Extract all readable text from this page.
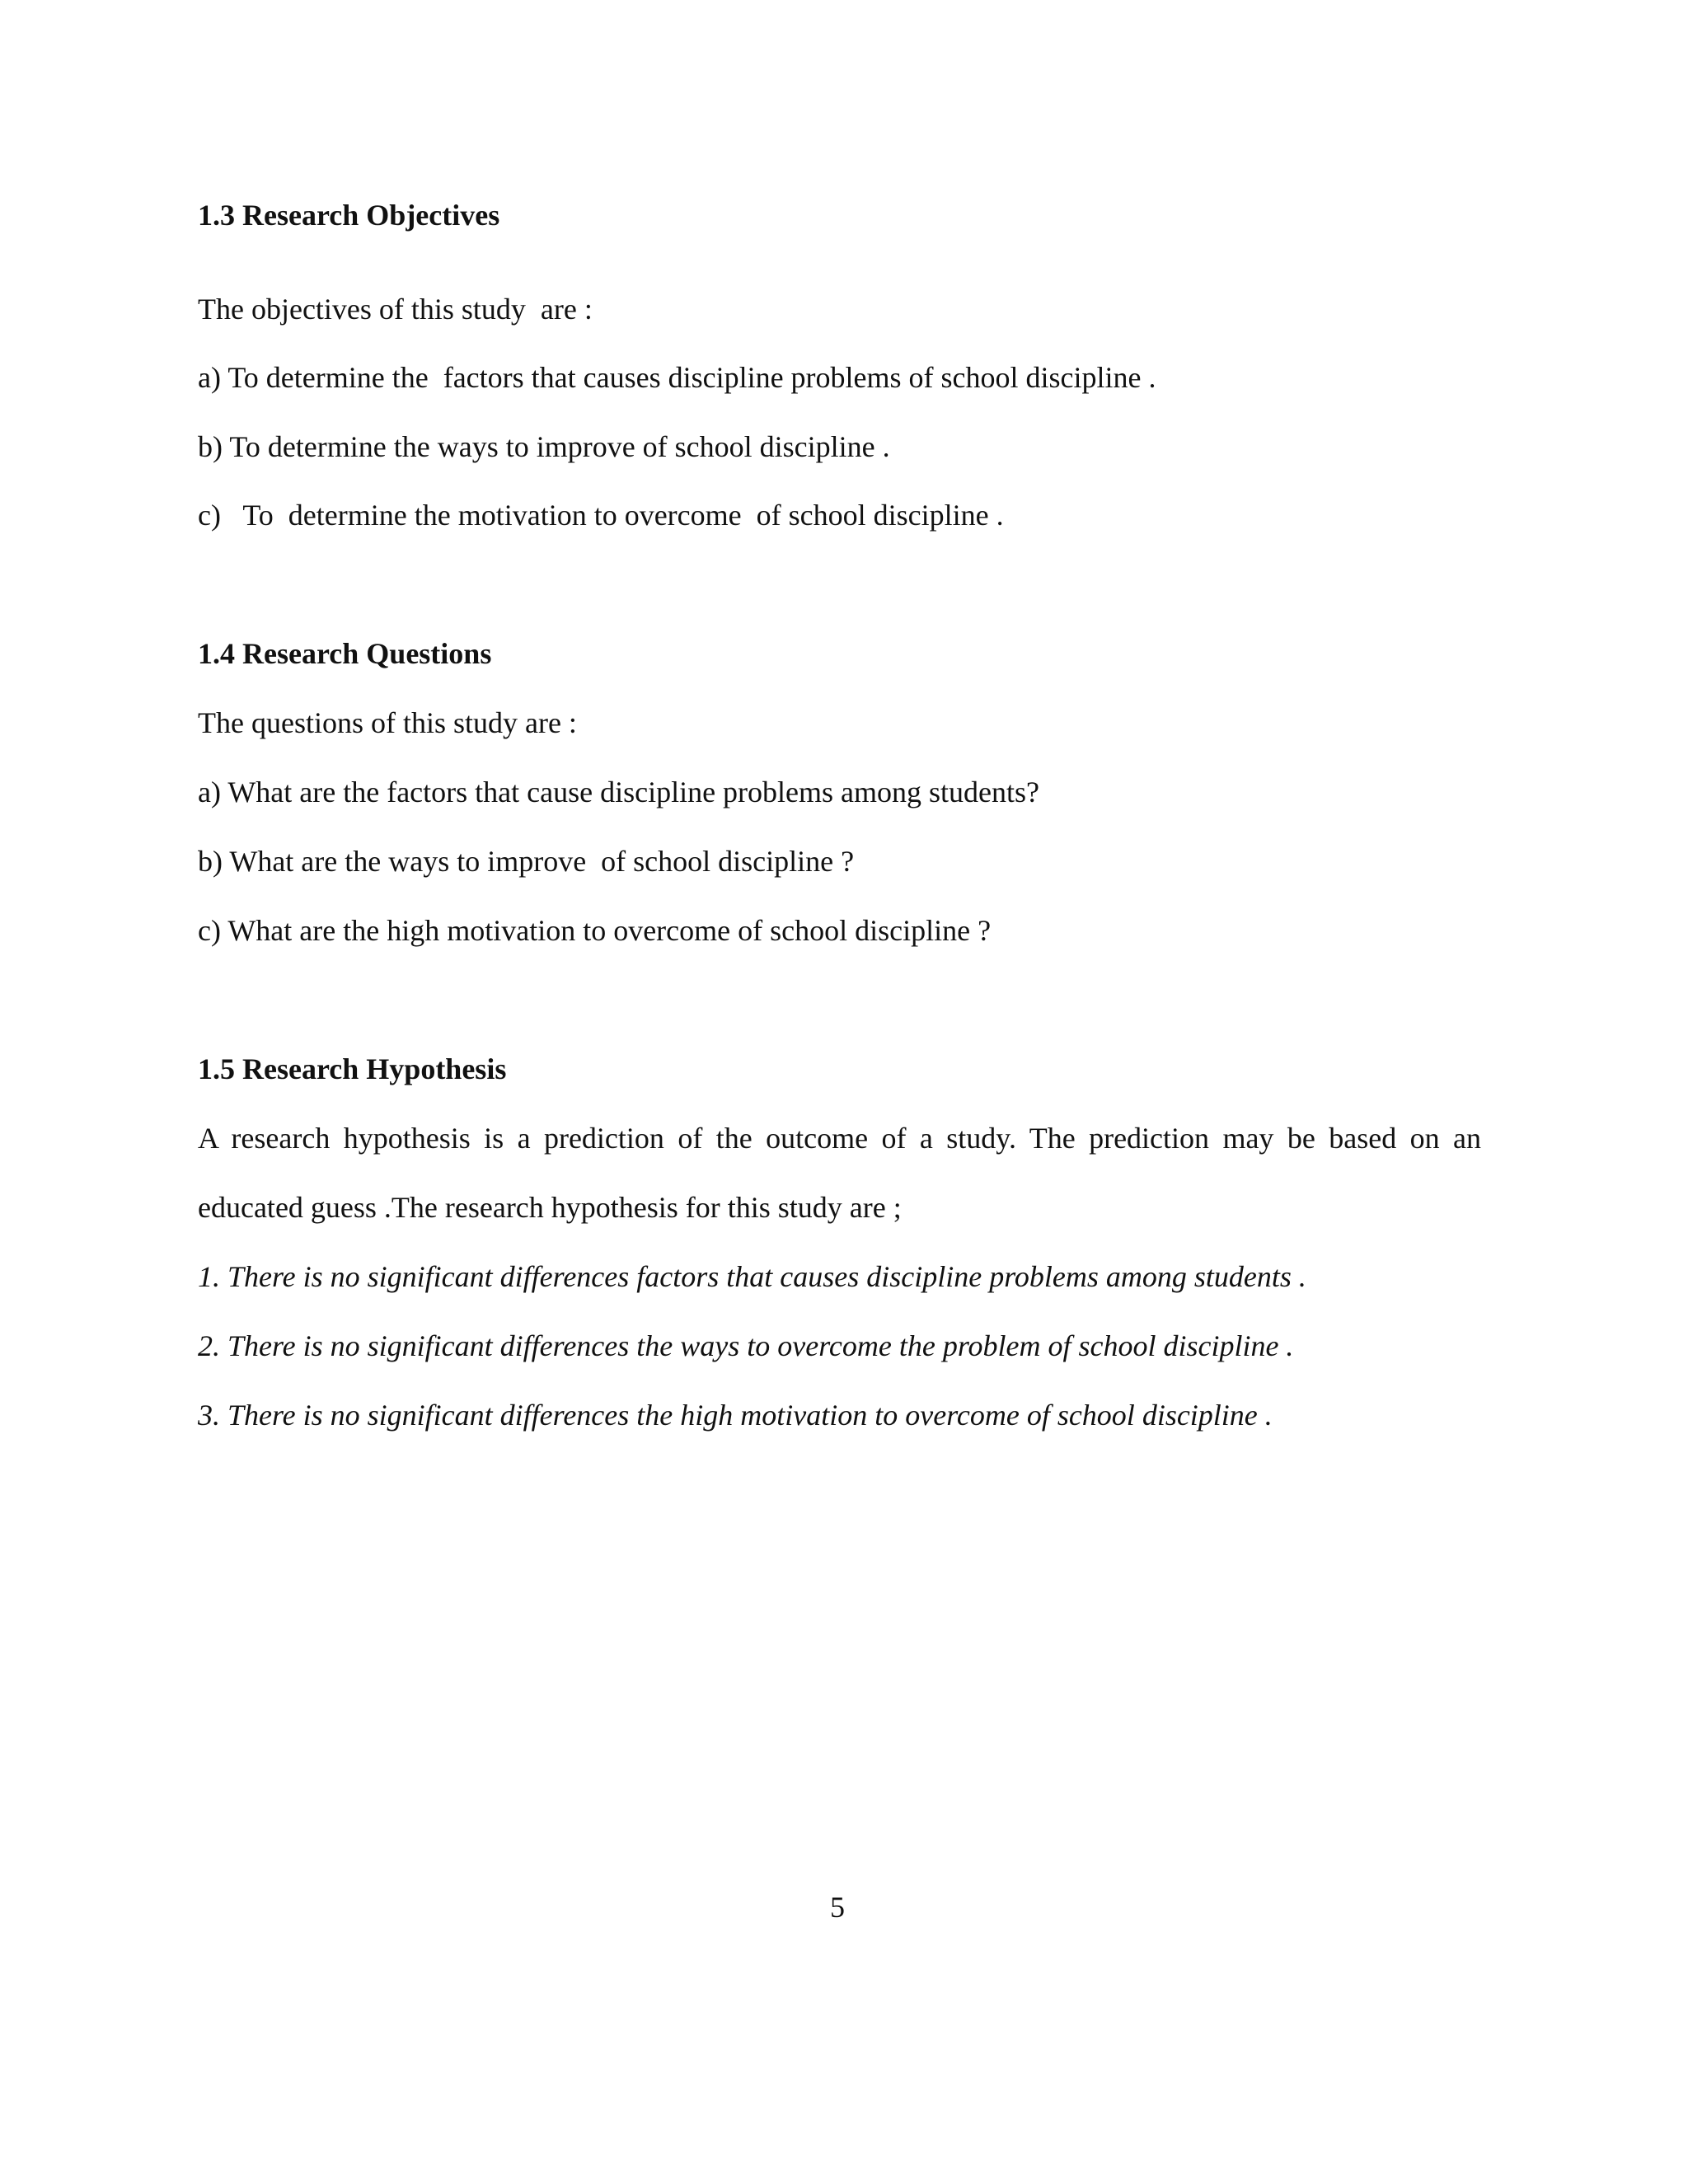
1.3 Research Objectives

The objectives of this study  are :

a) To determine the  factors that causes discipline problems of school discipline .

b) To determine the ways to improve of school discipline .

c)   To  determine the motivation to overcome  of school discipline .

1.4 Research Questions

The questions of this study are :

a) What are the factors that cause discipline problems among students?

b) What are the ways to improve  of school discipline ?

c) What are the high motivation to overcome of school discipline ?

1.5 Research Hypothesis

A research hypothesis is a prediction of the outcome of a study. The prediction may be based on an

educated guess .The research hypothesis for this study are ;

1. There is no significant differences factors that causes discipline problems among students .

2. There is no significant differences the ways to overcome the problem of school discipline .

3. There is no significant differences the high motivation to overcome of school discipline .

5
